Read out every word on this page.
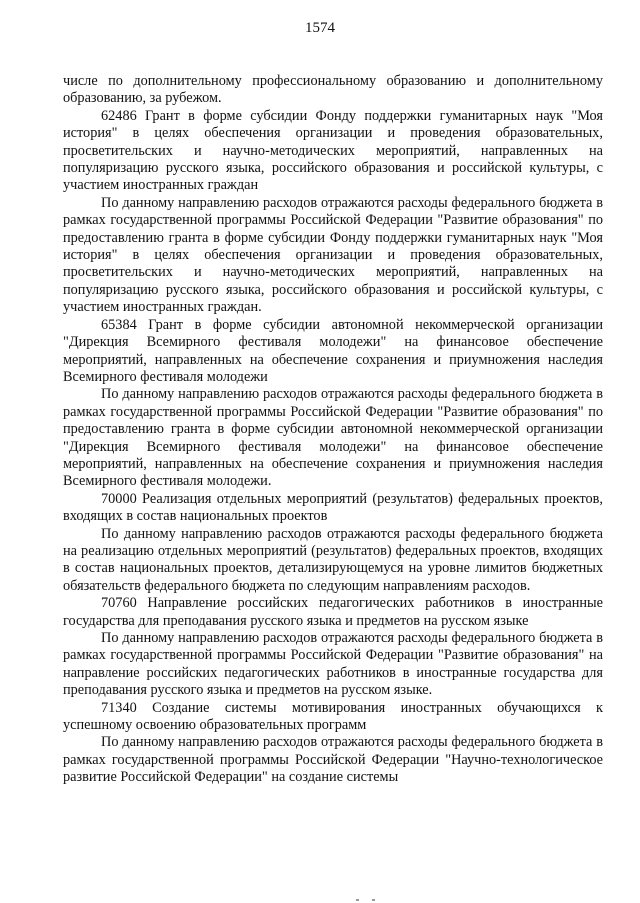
1574

числе по дополнительному профессиональному образованию и дополнительному образованию, за рубежом.

62486 Грант в форме субсидии Фонду поддержки гуманитарных наук "Моя история" в целях обеспечения организации и проведения образовательных, просветительских и научно-методических мероприятий, направленных на популяризацию русского языка, российского образования и российской культуры, с участием иностранных граждан

По данному направлению расходов отражаются расходы федерального бюджета в рамках государственной программы Российской Федерации "Развитие образования" по предоставлению гранта в форме субсидии Фонду поддержки гуманитарных наук "Моя история" в целях обеспечения организации и проведения образовательных, просветительских и научно-методических мероприятий, направленных на популяризацию русского языка, российского образования и российской культуры, с участием иностранных граждан.

65384 Грант в форме субсидии автономной некоммерческой организации "Дирекция Всемирного фестиваля молодежи" на финансовое обеспечение мероприятий, направленных на обеспечение сохранения и приумножения наследия Всемирного фестиваля молодежи

По данному направлению расходов отражаются расходы федерального бюджета в рамках государственной программы Российской Федерации "Развитие образования" по предоставлению гранта в форме субсидии автономной некоммерческой организации "Дирекция Всемирного фестиваля молодежи" на финансовое обеспечение мероприятий, направленных на обеспечение сохранения и приумножения наследия Всемирного фестиваля молодежи.

70000 Реализация отдельных мероприятий (результатов) федеральных проектов, входящих в состав национальных проектов

По данному направлению расходов отражаются расходы федерального бюджета на реализацию отдельных мероприятий (результатов) федеральных проектов, входящих в состав национальных проектов, детализирующемуся на уровне лимитов бюджетных обязательств федерального бюджета по следующим направлениям расходов.

70760 Направление российских педагогических работников в иностранные государства для преподавания русского языка и предметов на русском языке

По данному направлению расходов отражаются расходы федерального бюджета в рамках государственной программы Российской Федерации "Развитие образования" на направление российских педагогических работников в иностранные государства для преподавания русского языка и предметов на русском языке.

71340 Создание системы мотивирования иностранных обучающихся к успешному освоению образовательных программ

По данному направлению расходов отражаются расходы федерального бюджета в рамках государственной программы Российской Федерации "Научно-технологическое развитие Российской Федерации" на создание системы
